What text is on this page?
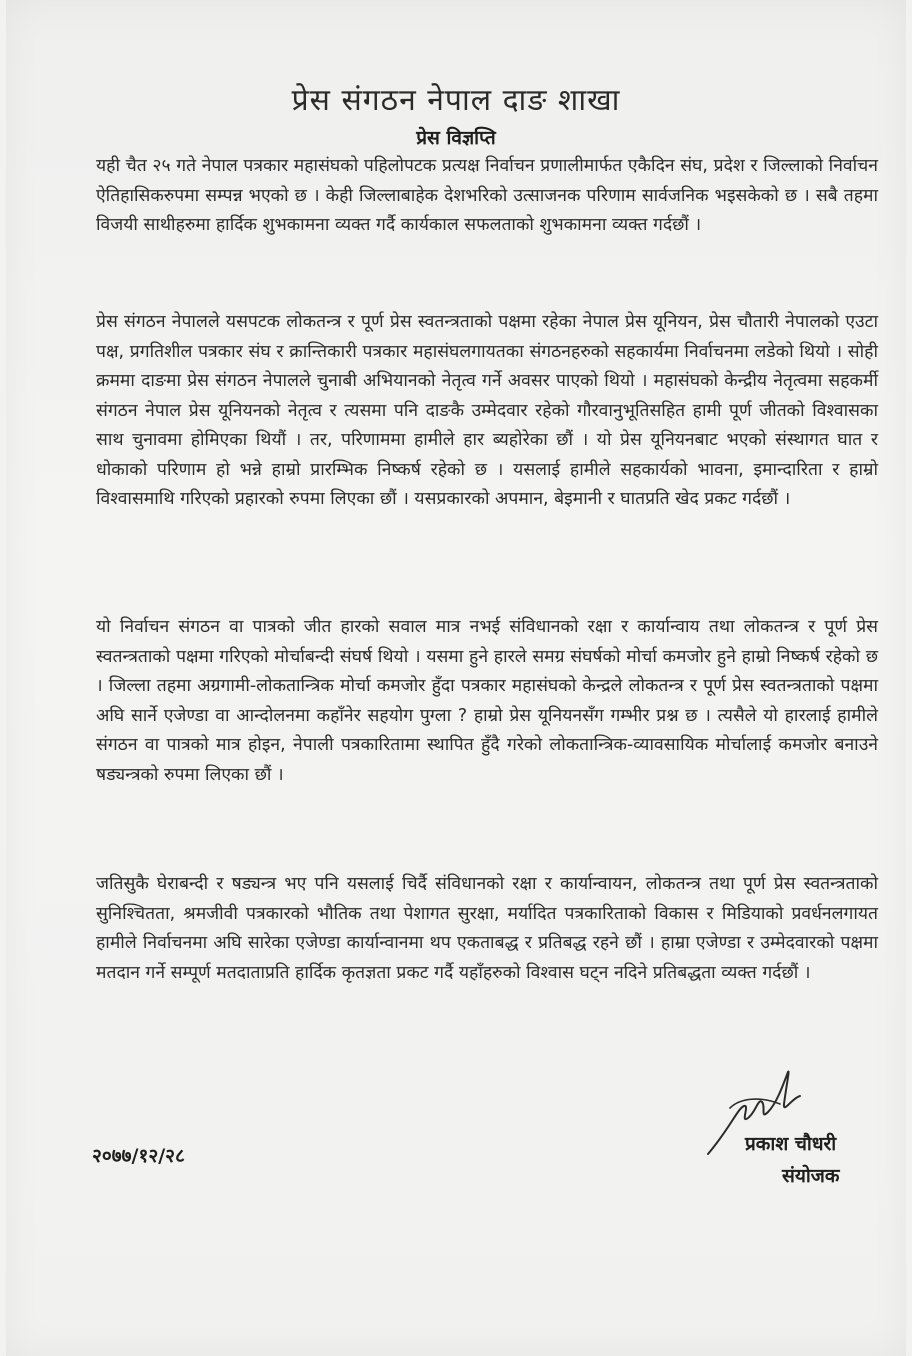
प्रेस संगठन नेपाल दाङ शाखा
प्रेस विज्ञप्ति

यही चैत २५ गते नेपाल पत्रकार महासंघको पहिलोपटक प्रत्यक्ष निर्वाचन प्रणालीमार्फत एकैदिन संघ, प्रदेश र जिल्लाको निर्वाचन ऐतिहासिकरुपमा सम्पन्न भएको छ । केही जिल्लाबाहेक देशभरिको उत्साजनक परिणाम सार्वजनिक भइसकेको छ । सबै तहमा विजयी साथीहरुमा हार्दिक शुभकामना व्यक्त गर्दै कार्यकाल सफलताको शुभकामना व्यक्त गर्दछौं ।

प्रेस संगठन नेपालले यसपटक लोकतन्त्र र पूर्ण प्रेस स्वतन्त्रताको पक्षमा रहेका नेपाल प्रेस यूनियन, प्रेस चौतारी नेपालको एउटा पक्ष, प्रगतिशील पत्रकार संघ र क्रान्तिकारी पत्रकार महासंघलगायतका संगठनहरुको सहकार्यमा निर्वाचनमा लडेको थियो । सोही क्रममा दाङमा प्रेस संगठन नेपालले चुनाबी अभियानको नेतृत्व गर्ने अवसर पाएको थियो । महासंघको केन्द्रीय नेतृत्वमा सहकर्मी संगठन नेपाल प्रेस यूनियनको नेतृत्व र त्यसमा पनि दाङकै उम्मेदवार रहेको गौरवानुभूतिसहित हामी पूर्ण जीतको विश्वासका साथ चुनावमा होमिएका थियौं । तर, परिणाममा हामीले हार ब्यहोरेका छौं । यो प्रेस यूनियनबाट भएको संस्थागत घात र धोकाको परिणाम हो भन्ने हाम्रो प्रारम्भिक निष्कर्ष रहेको छ । यसलाई हामीले सहकार्यको भावना, इमान्दारिता र हाम्रो विश्वासमाथि गरिएको प्रहारको रुपमा लिएका छौं । यसप्रकारको अपमान, बेइमानी र घातप्रति खेद प्रकट गर्दछौं ।

यो निर्वाचन संगठन वा पात्रको जीत हारको सवाल मात्र नभई संविधानको रक्षा र कार्यान्वाय तथा लोकतन्त्र र पूर्ण प्रेस स्वतन्त्रताको पक्षमा गरिएको मोर्चाबन्दी संघर्ष थियो । यसमा हुने हारले समग्र संघर्षको मोर्चा कमजोर हुने हाम्रो निष्कर्ष रहेको छ । जिल्ला तहमा अग्रगामी-लोकतान्त्रिक मोर्चा कमजोर हुँदा पत्रकार महासंघको केन्द्रले लोकतन्त्र र पूर्ण प्रेस स्वतन्त्रताको पक्षमा अघि सार्ने एजेण्डा वा आन्दोलनमा कहाँनेर सहयोग पुग्ला ? हाम्रो प्रेस यूनियनसँग गम्भीर प्रश्न छ । त्यसैले यो हारलाई हामीले संगठन वा पात्रको मात्र होइन, नेपाली पत्रकारितामा स्थापित हुँदै गरेको लोकतान्त्रिक-व्यावसायिक मोर्चालाई कमजोर बनाउने षड्यन्त्रको रुपमा लिएका छौं ।

जतिसुकै घेराबन्दी र षड्यन्त्र भए पनि यसलाई चिर्दै संविधानको रक्षा र कार्यान्वायन, लोकतन्त्र तथा पूर्ण प्रेस स्वतन्त्रताको सुनिश्चितता, श्रमजीवी पत्रकारको भौतिक तथा पेशागत सुरक्षा, मर्यादित पत्रकारिताको विकास र मिडियाको प्रवर्धनलगायत हामीले निर्वाचनमा अघि सारेका एजेण्डा कार्यान्वानमा थप एकताबद्ध र प्रतिबद्ध रहने छौं । हाम्रा एजेण्डा र उम्मेदवारको पक्षमा मतदान गर्ने सम्पूर्ण मतदाताप्रति हार्दिक कृतज्ञता प्रकट गर्दै यहाँहरुको विश्वास घट्न नदिने प्रतिबद्धता व्यक्त गर्दछौं ।

२०७७/१२/२८
प्रकाश चौधरी
संयोजक
